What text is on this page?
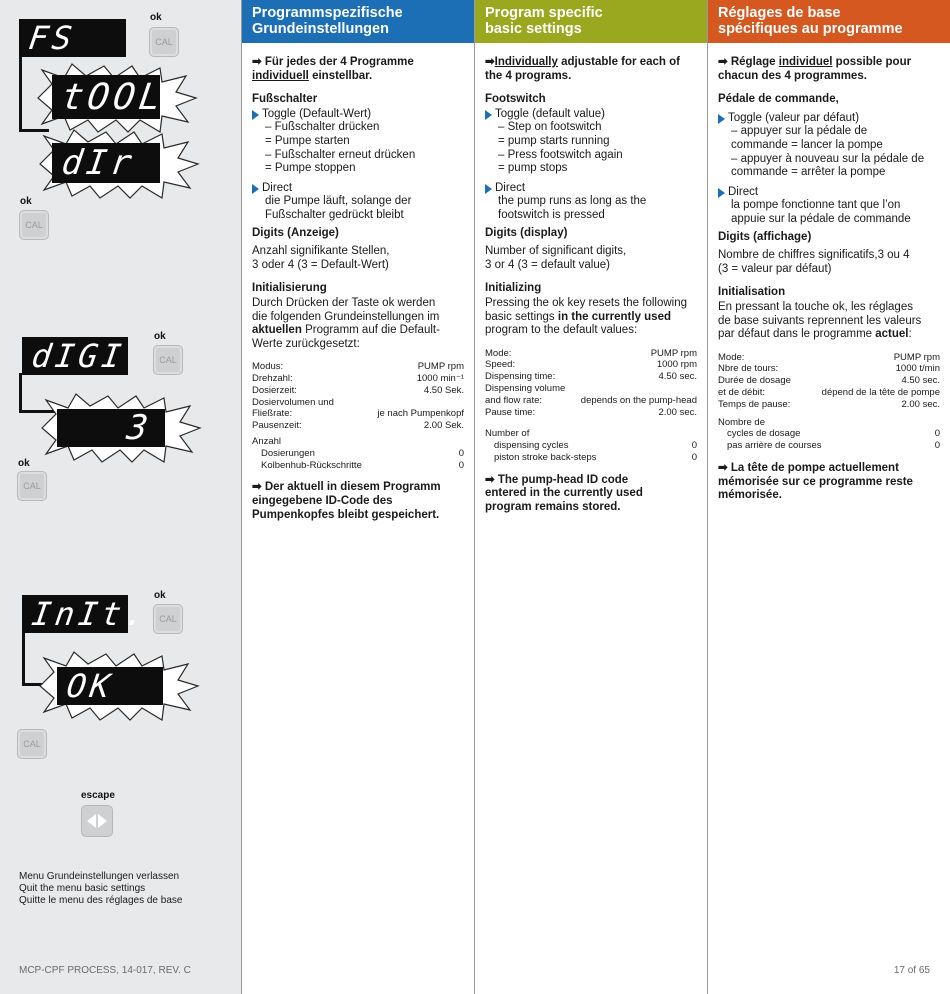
FS
ok
CAL
tOOL
dIr
ok
CAL
dIGI
ok
CAL
3
ok
CAL
InIt. ok
CAL
OK
CAL
escape
Menu Grundeinstellungen verlassen
Quit the menu basic settings
Quitte le menu des réglages de base
MCP-CPF PROCESS, 14-017, REV. C
Programmspezifische
Grundeinstellungen
➡ Für jedes der 4 Programme
individuell einstellbar.
Fußschalter
Toggle (Default-Wert)
– Fußschalter drücken
= Pumpe starten
– Fußschalter erneut drücken
= Pumpe stoppen
Direct
die Pumpe läuft, solange der
Fußschalter gedrückt bleibt
Digits (Anzeige)
Anzahl signifikante Stellen,
3 oder 4 (3 = Default-Wert)
Initialisierung
Durch Drücken der Taste ok werden
die folgenden Grundeinstellungen im
aktuellen Programm auf die Default-
Werte zurückgesetzt:
Modus:	PUMP rpm
Drehzahl:	1000 min⁻¹
Dosierzeit:	4.50 Sek.
Dosiervolumen und
Fließrate:	je nach Pumpenkopf
Pausenzeit:	2.00 Sek.
Anzahl
Dosierungen	0
Kolbenhub-Rückschritte	0
➡ Der aktuell in diesem Programm
eingegebene ID-Code des
Pumpenkopfes bleibt gespeichert.
Program specific
basic settings
➡Individually adjustable for each of
the 4 programs.
Footswitch
Toggle (default value)
– Step on footswitch
= pump starts running
– Press footswitch again
= pump stops
Direct
the pump runs as long as the
footswitch is pressed
Digits (display)
Number of significant digits,
3 or 4 (3 = default value)
Initializing
Pressing the ok key resets the following
basic settings in the currently used
program to the default values:
Mode:	PUMP rpm
Speed:	1000 rpm
Dispensing time:	4.50 sec.
Dispensing volume
and flow rate:	depends on the pump-head
Pause time:	2.00 sec.
Number of
dispensing cycles	0
piston stroke back-steps	0
➡ The pump-head ID code
entered in the currently used
program remains stored.
Réglages de base
spécifiques au programme
➡ Réglage individuel possible pour
chacun des 4 programmes.
Pédale de commande,
Toggle (valeur par défaut)
– appuyer sur la pédale de
commande = lancer la pompe
– appuyer à nouveau sur la pédale de
commande = arrêter la pompe
Direct
la pompe fonctionne tant que l’on
appuie sur la pédale de commande
Digits (affichage)
Nombre de chiffres significatifs,3 ou 4
(3 = valeur par défaut)
Initialisation
En pressant la touche ok, les réglages
de base suivants reprennent les valeurs
par défaut dans le programme actuel:
Mode:	PUMP rpm
Nbre de tours:	1000 t/min
Durée de dosage	4.50 sec.
et de débit:	dépend de la tête de pompe
Temps de pause:	2.00 sec.
Nombre de
cycles de dosage	0
pas arrière de courses	0
➡ La tête de pompe actuellement
mémorisée sur ce programme reste
mémorisée.
17 of 65
